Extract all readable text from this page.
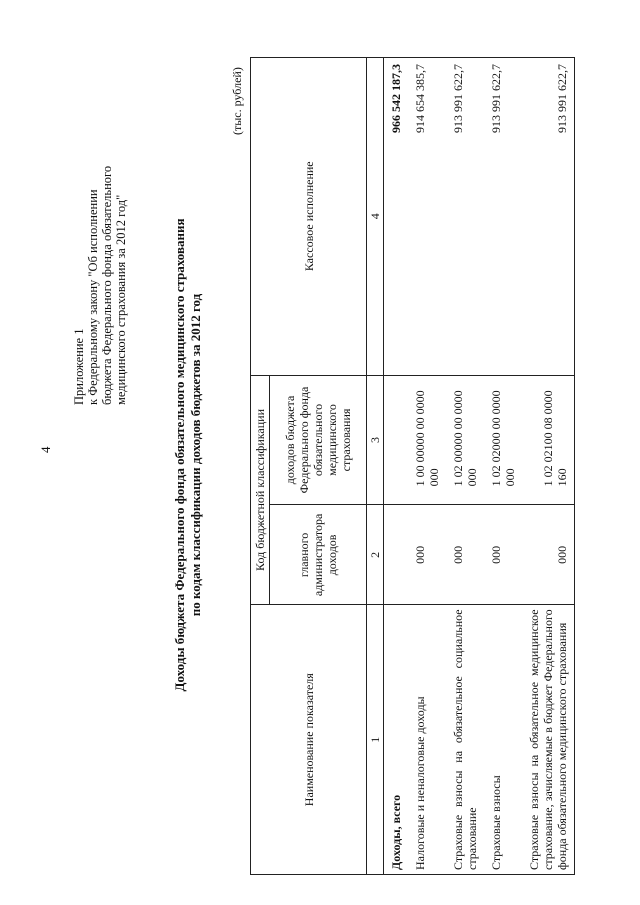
4
Приложение 1 к Федеральному закону "Об исполнении бюджета Федерального фонда обязательного медицинского страхования за 2012 год"	Доходы бюджета Федерального фонда обязательного медицинского страхования по кодам классификации доходов бюджетов за 2012 год
(тыс. рублей)
Наименование показателя	Код бюджетной классификации		Кассовое исполнение
	главного администратора доходов	доходов бюджета Федерального фонда обязательного медицинского страхования	
1	2	3	4
Доходы, всего			966 542 187,3
Налоговые и неналоговые доходы	000	1 00 00000 00 0000 000	914 654 385,7
Страховые взносы на обязательное социальное страхование	000	1 02 00000 00 0000 000	913 991 622,7
Страховые взносы	000	1 02 02000 00 0000 000	913 991 622,7
Страховые взносы на обязательное медицинское страхование, зачисляемые в бюджет Федерального фонда обязательного медицинского страхования	000	1 02 02100 08 0000 160	913 991 622,7
